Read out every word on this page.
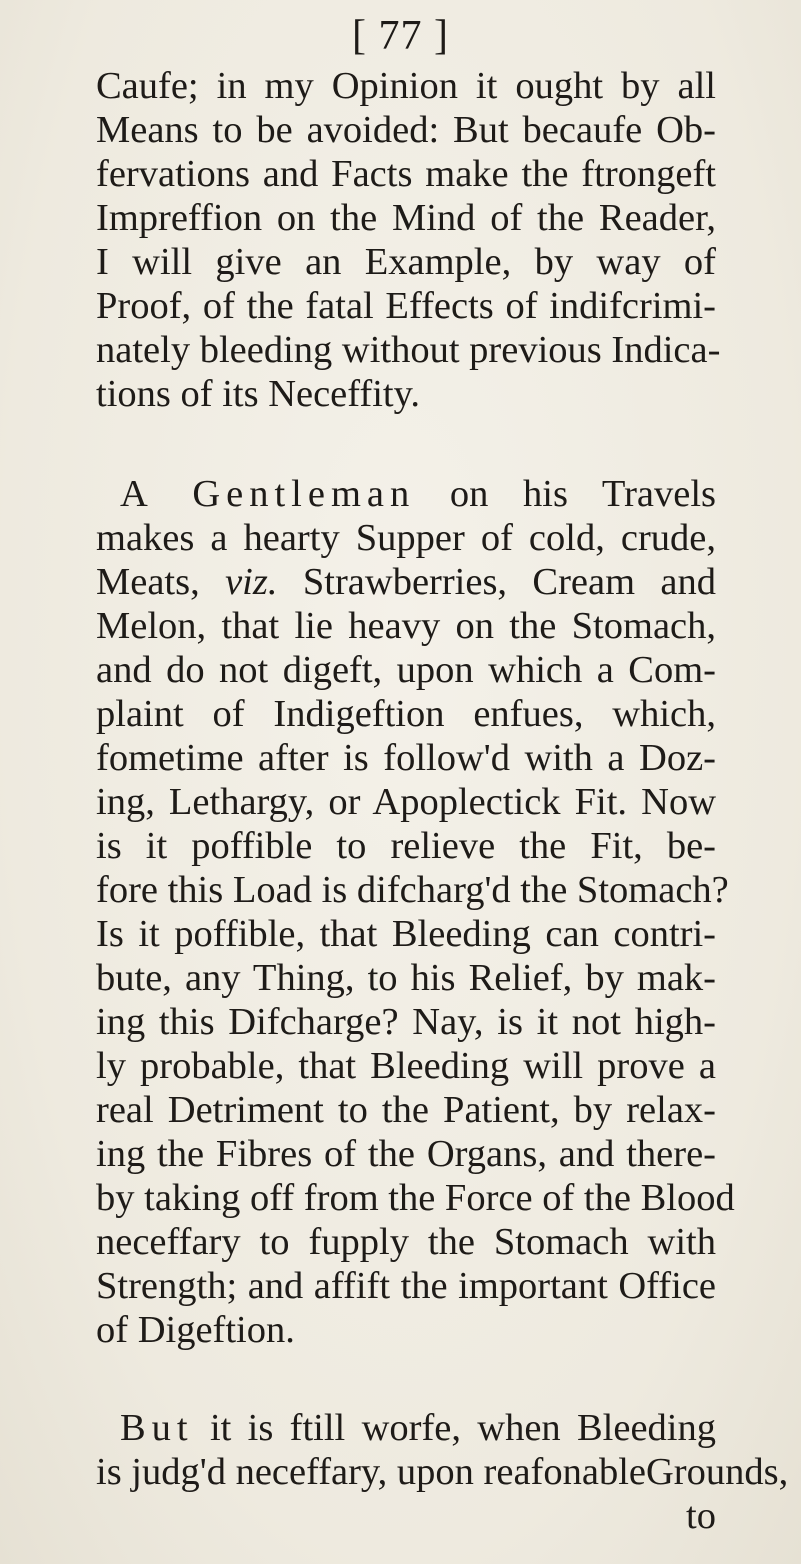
[ 77 ]
Caufe; in my Opinion it ought by all
Means to be avoided: But becaufe Ob-
fervations and Facts make the ftrongeft
Impreffion on the Mind of the Reader,
I will give an Example, by way of
Proof, of the fatal Effects of indifcrimi-
nately bleeding without previous Indica-
tions of its Neceffity.
A Gentleman on his Travels
makes a hearty Supper of cold, crude,
Meats, viz. Strawberries, Cream and
Melon, that lie heavy on the Stomach,
and do not digeft, upon which a Com-
plaint of Indigeftion enfues, which,
fometime after is follow'd with a Doz-
ing, Lethargy, or Apoplectick Fit. Now
is it poffible to relieve the Fit, be-
fore this Load is difcharg'd the Stomach?
Is it poffible, that Bleeding can contri-
bute, any Thing, to his Relief, by mak-
ing this Difcharge? Nay, is it not high-
ly probable, that Bleeding will prove a
real Detriment to the Patient, by relax-
ing the Fibres of the Organs, and there-
by taking off from the Force of the Blood
neceffary to fupply the Stomach with
Strength; and affift the important Office
of Digeftion.
But it is ftill worfe, when Bleeding
is judg'd neceffary, upon reafonableGrounds,
to
